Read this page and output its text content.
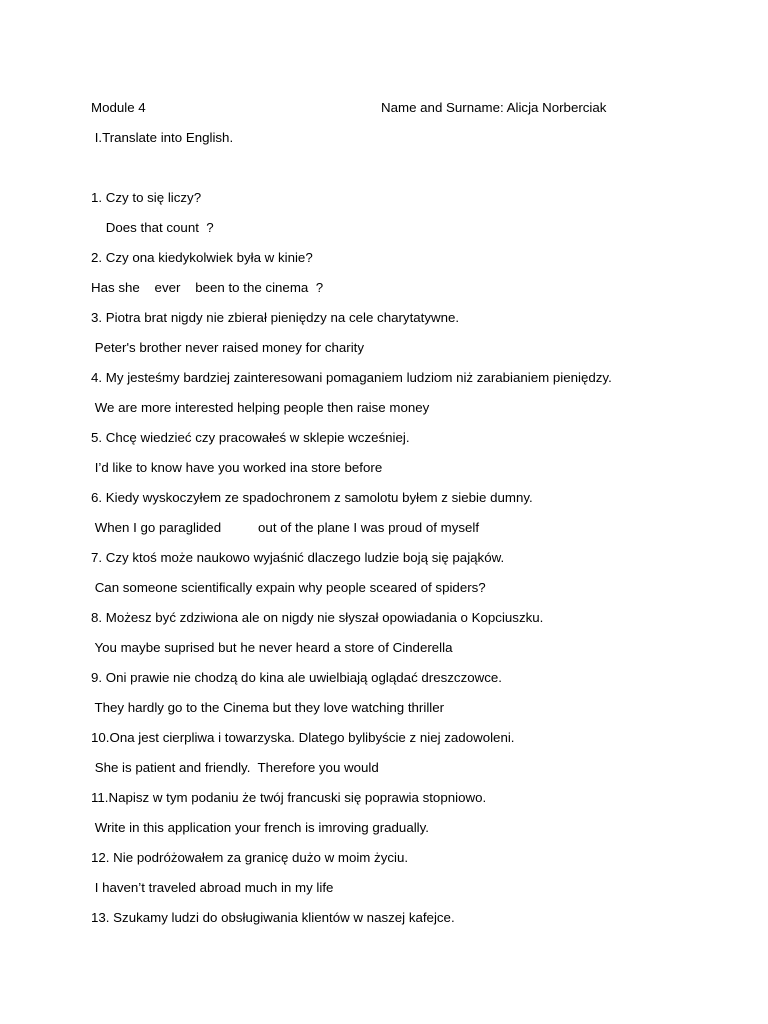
Module 4	Name and Surname: Alicja Norberciak

I.Translate into English.

1. Czy to się liczy?

Does that count  ?

2. Czy ona kiedykolwiek była w kinie?

Has she    ever    been to the cinema  ?

3. Piotra brat nigdy nie zbierał pieniędzy na cele charytatywne.

Peter's brother never raised money for charity

4. My jesteśmy bardziej zainteresowani pomaganiem ludziom niż zarabianiem pieniędzy.

We are more interested helping people then raise money

5. Chcę wiedzieć czy pracowałeś w sklepie wcześniej.

I’d like to know have you worked ina store before

6. Kiedy wyskoczyłem ze spadochronem z samolotu byłem z siebie dumny.

When I go paraglided          out of the plane I was proud of myself

7. Czy ktoś może naukowo wyjaśnić dlaczego ludzie boją się pająków.

Can someone scientifically expain why people sceared of spiders?

8. Możesz być zdziwiona ale on nigdy nie słyszał opowiadania o Kopciuszku.

You maybe suprised but he never heard a store of Cinderella

9. Oni prawie nie chodzą do kina ale uwielbiają oglądać dreszczowce.

They hardly go to the Cinema but they love watching thriller

10.Ona jest cierpliwa i towarzyska. Dlatego bylibyście z niej zadowoleni.

She is patient and friendly.  Therefore you would

11.Napisz w tym podaniu że twój francuski się poprawia stopniowo.

Write in this application your french is imroving gradually.

12. Nie podróżowałem za granicę dużo w moim życiu.

I haven’t traveled abroad much in my life

13. Szukamy ludzi do obsługiwania klientów w naszej kafejce.
